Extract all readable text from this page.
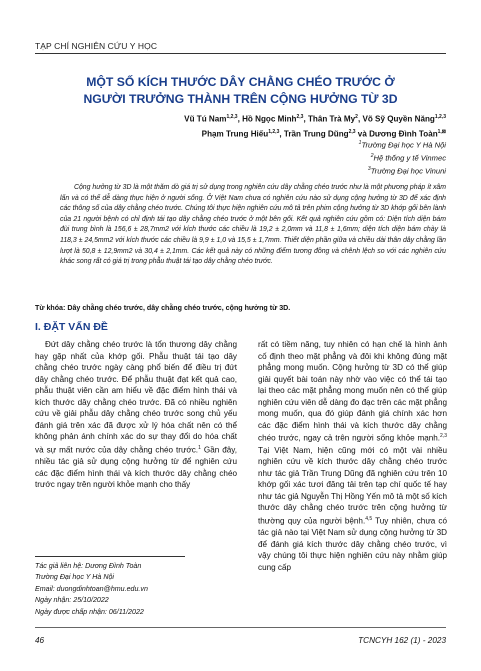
TẠP CHÍ NGHIÊN CỨU Y HỌC
MỘT SỐ KÍCH THƯỚC DÂY CHẰNG CHÉO TRƯỚC Ở
NGƯỜI TRƯỞNG THÀNH TRÊN CỘNG HƯỞNG TỪ 3D
Vũ Tú Nam$^{1,2,3}$, Hồ Ngọc Minh$^{2,3}$, Thân Trà My$^2$, Võ Sỹ Quyền Năng$^{1,2,3}$
Phạm Trung Hiếu$^{1,2,3}$, Trần Trung Dũng$^{2,3}$ và Dương Đình Toàn$^{1,⊠}$
$^1$Trường Đại học Y Hà Nội
$^2$Hệ thống y tế Vinmec
$^3$Trường Đại học Vinuni
Cộng hưởng từ 3D là một thăm dò giá trị sử dụng trong nghiên cứu dây chằng chéo trước như là một phương pháp ít xâm lấn và có thể dễ dàng thực hiện ở người sống. Ở Việt Nam chưa có nghiên cứu nào sử dụng cộng hưởng từ 3D để xác định các thông số của dây chằng chéo trước. Chúng tôi thực hiện nghiên cứu mô tả trên phim cộng hưởng từ 3D khớp gối bên lành của 21 người bệnh có chỉ định tái tạo dây chằng chéo trước ở một bên gối. Kết quả nghiên cứu gồm có: Diện tích diện bám đùi trung bình là 156,6 ± 28,7mm2 với kích thước các chiều là 19,2 ± 2,0mm và 11,8 ± 1,6mm; diện tích diện bám chày là 118,3 ± 24,5mm2 với kích thước các chiều là 9,9 ± 1,0 và 15,5 ± 1,7mm. Thiết diện phần giữa và chiều dài thân dây chằng lần lượt là 50,8 ± 12,9mm2 và 30,4 ± 2,1mm. Các kết quả này có những điểm tương đồng và chênh lệch so với các nghiên cứu khác song rất có giá trị trong phẫu thuật tái tạo dây chằng chéo trước.
Từ khóa: Dây chằng chéo trước, dây chằng chéo trước, cộng hưởng từ 3D.
I. ĐẶT VẤN ĐỀ
Đứt dây chằng chéo trước là tổn thương dây chằng hay gặp nhất của khớp gối. Phẫu thuật tái tạo dây chằng chéo trước ngày càng phổ biến để điều trị đứt dây chằng chéo trước. Để phẫu thuật đạt kết quả cao, phẫu thuật viên cần am hiểu về đặc điểm hình thái và kích thước dây chằng chéo trước. Đã có nhiều nghiên cứu về giải phẫu dây chằng chéo trước song chủ yếu đánh giá trên xác đã được xử lý hóa chất nên có thể không phản ánh chính xác do sự thay đổi do hóa chất và sự mất nước của dây chằng chéo trước.$^1$ Gần đây, nhiều tác giả sử dụng cộng hưởng từ để nghiên cứu các đặc điểm hình thái và kích thước dây chằng chéo trước ngay trên người khỏe mạnh cho thấy
rất có tiềm năng, tuy nhiên có hạn chế là hình ảnh cố định theo mặt phẳng và đôi khi không đúng mặt phẳng mong muốn. Cộng hưởng từ 3D có thể giúp giải quyết bài toán này nhờ vào việc có thể tái tạo lại theo các mặt phẳng mong muốn nên có thể giúp nghiên cứu viên dễ dàng đo đạc trên các mặt phẳng mong muốn, qua đó giúp đánh giá chính xác hơn các đặc điểm hình thái và kích thước dây chằng chéo trước, ngay cả trên người sống khỏe mạnh.$^{2,3}$ Tại Việt Nam, hiện cũng mới có một vài nhiều nghiên cứu về kích thước dây chằng chéo trước như tác giả Trần Trung Dũng đã nghiên cứu trên 10 khớp gối xác tươi đăng tải trên tạp chí quốc tế hay như tác giả Nguyễn Thị Hồng Yến mô tả một số kích thước dây chằng chéo trước trên cộng hưởng từ thường quy của người bệnh.$^{4,5}$ Tuy nhiên, chưa có tác giả nào tại Việt Nam sử dụng cộng hưởng từ 3D để đánh giá kích thước dây chằng chéo trước, vì vậy chúng tôi thực hiện nghiên cứu này nhằm giúp cung cấp
Tác giả liên hệ: Dương Đình Toàn
Trường Đại học Y Hà Nội
Email: duongdinhtoan@hmu.edu.vn
Ngày nhận: 25/10/2022
Ngày được chấp nhận: 06/11/2022
46	TCNCYH 162 (1) - 2023
